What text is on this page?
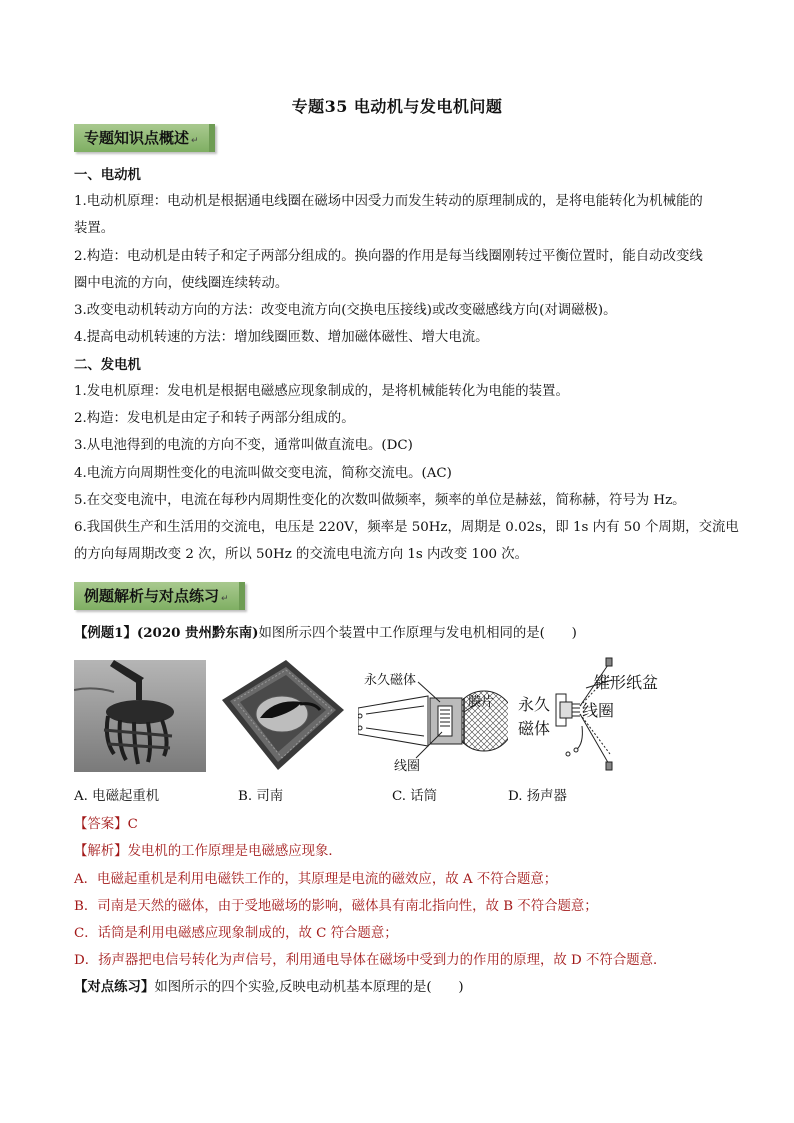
专题35 电动机与发电机问题
专题知识点概述 ↵
一、电动机
1.电动机原理：电动机是根据通电线圈在磁场中因受力而发生转动的原理制成的，是将电能转化为机械能的
装置。
2.构造：电动机是由转子和定子两部分组成的。换向器的作用是每当线圈刚转过平衡位置时，能自动改变线
圈中电流的方向，使线圈连续转动。
3.改变电动机转动方向的方法：改变电流方向(交换电压接线)或改变磁感线方向(对调磁极)。
4.提高电动机转速的方法：增加线圈匝数、增加磁体磁性、增大电流。
二、发电机
1.发电机原理：发电机是根据电磁感应现象制成的，是将机械能转化为电能的装置。
2.构造：发电机是由定子和转子两部分组成的。
3.从电池得到的电流的方向不变，通常叫做直流电。(DC)
4.电流方向周期性变化的电流叫做交变电流，简称交流电。(AC)
5.在交变电流中，电流在每秒内周期性变化的次数叫做频率，频率的单位是赫兹，简称赫，符号为 Hz。
6.我国供生产和生活用的交流电，电压是 220V，频率是 50Hz，周期是 0.02s，即 1s 内有 50 个周期，交流电
的方向每周期改变 2 次，所以 50Hz 的交流电电流方向 1s 内改变 100 次。
例题解析与对点练习 ↵
【例题1】(2020 贵州黔东南)如图所示四个装置中工作原理与发电机相同的是(　　)
永久磁体
膜片
线圈
永久
磁体
锥形纸盆
线圈
A. 电磁起重机	B. 司南	C. 话筒	D. 扬声器
【答案】C
【解析】发电机的工作原理是电磁感应现象．
A．电磁起重机是利用电磁铁工作的，其原理是电流的磁效应，故 A 不符合题意；
B．司南是天然的磁体，由于受地磁场的影响，磁体具有南北指向性，故 B 不符合题意；
C．话筒是利用电磁感应现象制成的，故 C 符合题意；
D．扬声器把电信号转化为声信号，利用通电导体在磁场中受到力的作用的原理，故 D 不符合题意．
【对点练习】如图所示的四个实验,反映电动机基本原理的是(　　)
